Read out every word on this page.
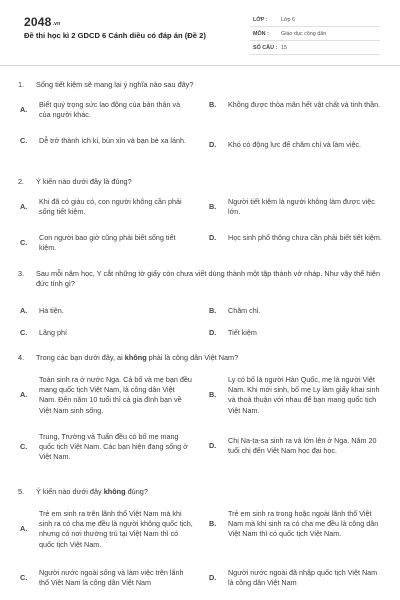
2048.vn
Đề thi học kì 2 GDCD 6 Cánh diều có đáp án (Đề 2)
LỚP : Lớp 6
MÔN : Giáo dục công dân
SỐ CÂU : 15
1.	Sống tiết kiệm sẽ mang lại ý nghĩa nào sau đây?
A.
Biết quý trọng sức lao động của bản thân và của người khác.
B.	Không được thỏa mãn hết vật chất và tinh thần.
C.	Dễ trở thành ích kỉ, bủn xỉn và bạn bè xa lánh.	D.	Khó có động lực để chăm chỉ và làm việc.
2.	Ý kiến nào dưới đây là đúng?
A.
Khi đã có giàu có, con người không cần phải sống tiết kiệm.
B.
Người tiết kiệm là người không làm được việc lớn.
C.
Con người bao giờ cũng phải biết sống tiết kiệm.
D.	Học sinh phổ thông chưa cần phải biết tiết kiệm.
3.	Sau mỗi năm học, Y cắt những tờ giấy còn chưa viết dùng thành một tập thành vở nháp. Như vậy thể hiện đức tính gì?
A.	Hà tiện.	B.	Chăm chỉ.
C.	Lãng phí	D.	Tiết kiệm
4.	Trong các bạn dưới đây, ai không phải là công dân Việt Nam?
A.
Toàn sinh ra ở nước Nga. Cả bố và mẹ bạn đều mang quốc tịch Việt Nam, là công dân Việt Nam. Đến năm 10 tuổi thì cả gia đình bạn về Việt Nam sinh sống.
B.
Ly có bố là người Hàn Quốc, mẹ là người Việt Nam. Khi mới sinh, bố mẹ Ly làm giấy khai sinh và thoả thuận với nhau để bạn mang quốc tịch Việt Nam.
C.
Trung, Trường và Tuấn đều có bố mẹ mang quốc tịch Việt Nam. Các bạn hiện đang sống ở Việt Nam.
D.
Chị Na-ta-sa sinh ra và lớn lên ở Nga. Năm 20 tuổi chị đến Việt Nam học đại học.
5.	Ý kiến nào dưới đây không đúng?
A.
Trẻ em sinh ra trên lãnh thổ Việt Nam mà khi sinh ra có cha mẹ đều là người không quốc tịch, nhưng có nơi thường trú tại Việt Nam thì có quốc tịch Việt Nam.
B.
Trẻ em sinh ra trong hoặc ngoài lãnh thổ Việt Nam mà khi sinh ra có cha mẹ đều là công dân Việt Nam thì có quốc tịch Việt Nam.
C.
Người nước ngoài sống và làm việc trên lãnh thổ Việt Nam là công dân Việt Nam
D.
Người nước ngoài đã nhập quốc tịch Việt Nam là công dân Việt Nam
